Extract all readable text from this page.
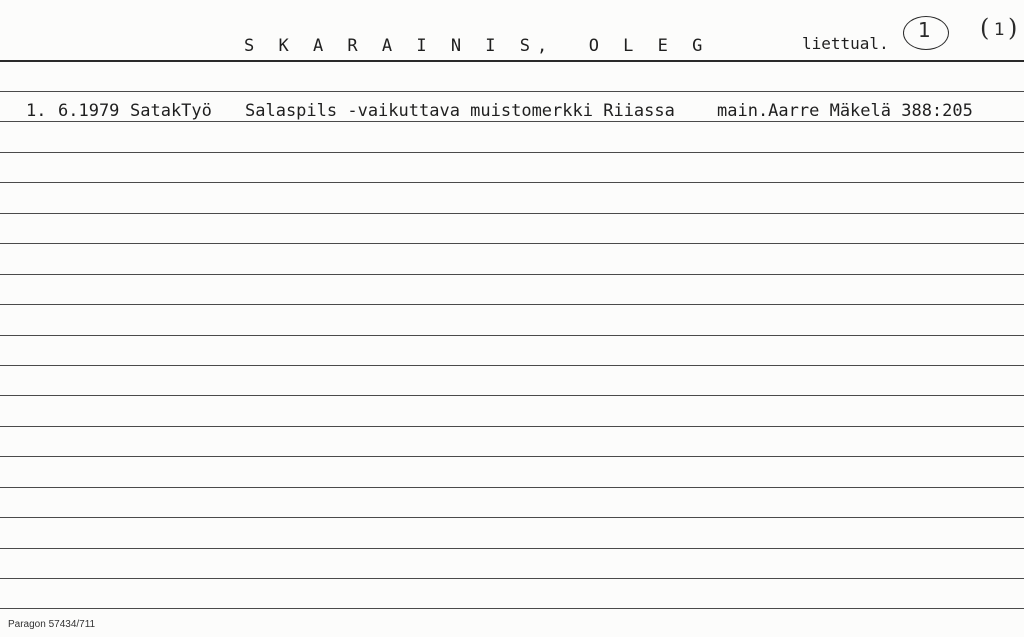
S K A R A I N I S,  O L E G	liettual.
1 ( 1 )
1. 6.1979 SatakTyö Salaspils -vaikuttava muistomerkki Riiassa main.Aarre Mäkelä 388:205
Paragon 57434/711
